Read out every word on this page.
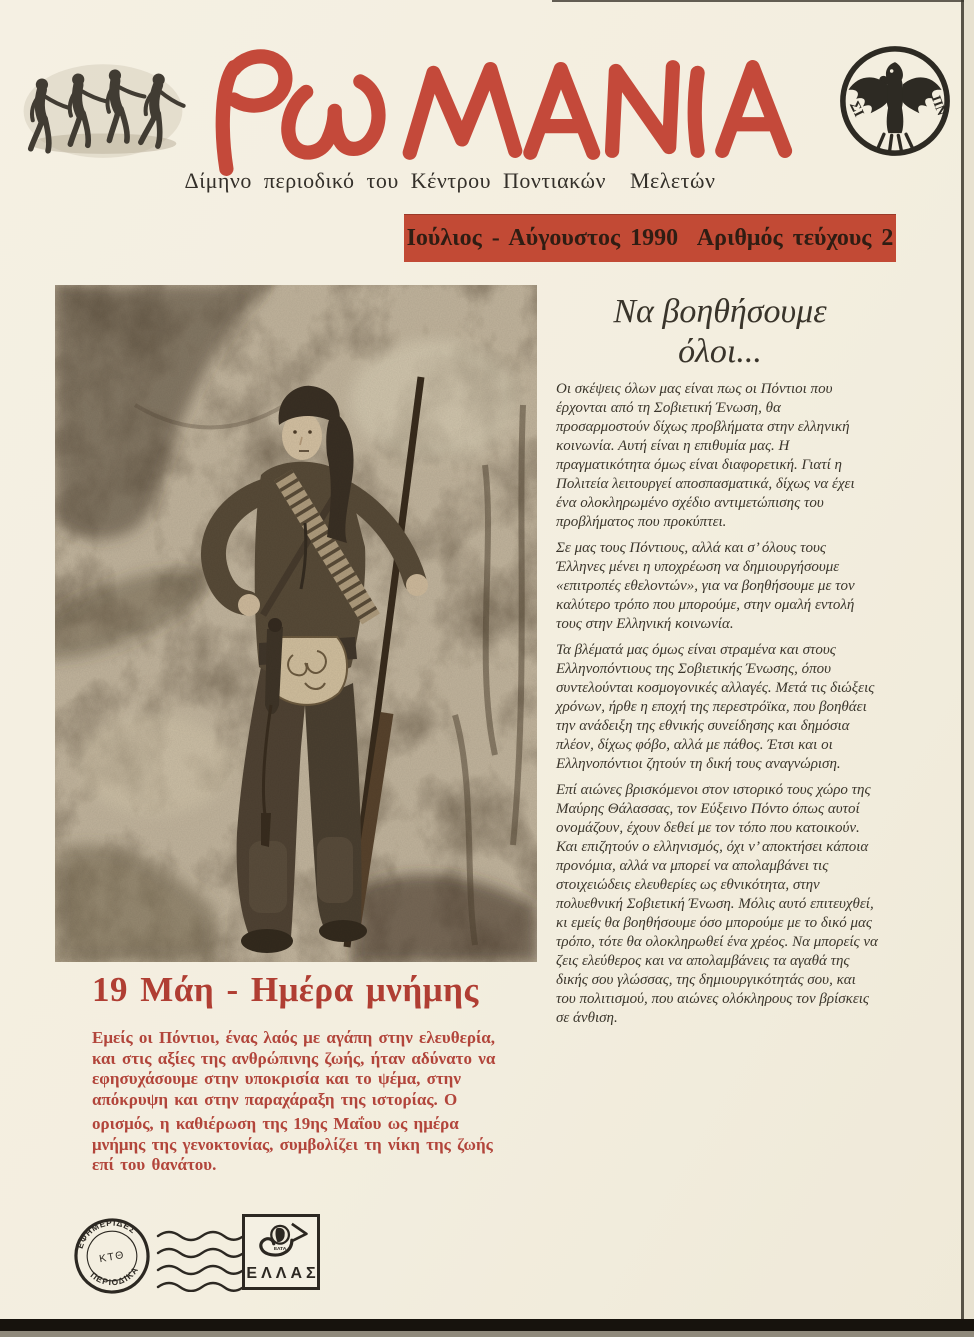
ΣΙ	ΠΝ
Δίμηνο περιοδικό του Κέντρου Ποντιακών  Μελετών
Ιούλιος - Αύγουστος 1990  Αριθμός τεύχους 2
Να βοηθήσουμε
όλοι...

Οι σκέψεις όλων μας είναι πως οι Πόντιοι που έρχονται από τη Σοβιετική Ένωση, θα προσαρμοστούν δίχως προβλήματα στην ελληνική κοινωνία. Αυτή είναι η επιθυμία μας. Η πραγματικότητα όμως είναι διαφορετική. Γιατί η Πολιτεία λειτουργεί αποσπασματικά, δίχως να έχει ένα ολοκληρωμένο σχέδιο αντιμετώπισης του προβλήματος που προκύπτει.

Σε μας τους Πόντιους, αλλά και σ’ όλους τους Έλληνες μένει η υποχρέωση να δημιουργήσουμε «επιτροπές εθελοντών», για να βοηθήσουμε με τον καλύτερο τρόπο που μπορούμε, στην ομαλή εντολή τους στην Ελληνική κοινωνία.

Τα βλέματά μας όμως είναι στραμένα και στους Ελληνοπόντιους της Σοβιετικής Ένωσης, όπου συντελούνται κοσμογονικές αλλαγές. Μετά τις διώξεις χρόνων, ήρθε η εποχή της περεστρόϊκα, που βοηθάει την ανάδειξη της εθνικής συνείδησης και δημόσια πλέον, δίχως φόβο, αλλά με πάθος. Έτσι και οι Ελληνοπόντιοι ζητούν τη δική τους αναγνώριση.

Επί αιώνες βρισκόμενοι στον ιστορικό τους χώρο της Μαύρης Θάλασσας, τον Εύξεινο Πόντο όπως αυτοί ονομάζουν, έχουν δεθεί με τον τόπο που κατοικούν. Και επιζητούν ο ελληνισμός, όχι ν’ αποκτήσει κάποια προνόμια, αλλά να μπορεί να απολαμβάνει τις στοιχειώδεις ελευθερίες ως εθνικότητα, στην πολυεθνική Σοβιετική Ένωση. Μόλις αυτό επιτευχθεί, κι εμείς θα βοηθήσουμε όσο μπορούμε με το δικό μας τρόπο, τότε θα ολοκληρωθεί ένα χρέος. Να μπορείς να ζεις ελεύθερος και να απολαμβάνεις τα αγαθά της δικής σου γλώσσας, της δημιουργικότητάς σου, και του πολιτισμού, που αιώνες ολόκληρους τον βρίσκεις σε άνθιση.

19 Μάη - Ημέρα μνήμης

Εμείς οι Πόντιοι, ένας λαός με αγάπη στην ελευθερία, και στις αξίες της ανθρώπινης ζωής, ήταν αδύνατο να εφησυχάσουμε στην υποκρισία και το ψέμα, στην απόκρυψη και στην παραχάραξη της ιστορίας. Ο

ορισμός, η καθιέρωση της 19ης Μαΐου ως ημέρα μνήμης της γενοκτονίας, συμβολίζει τη νίκη της ζωής επί του θανάτου.

ΕΦΗΜΕΡΙΔΕΣ
ΠΕΡΙΟΔΙΚΑ
ΚΤΘ
ΕΛΤΑ
ΕΛΛΑΣ
